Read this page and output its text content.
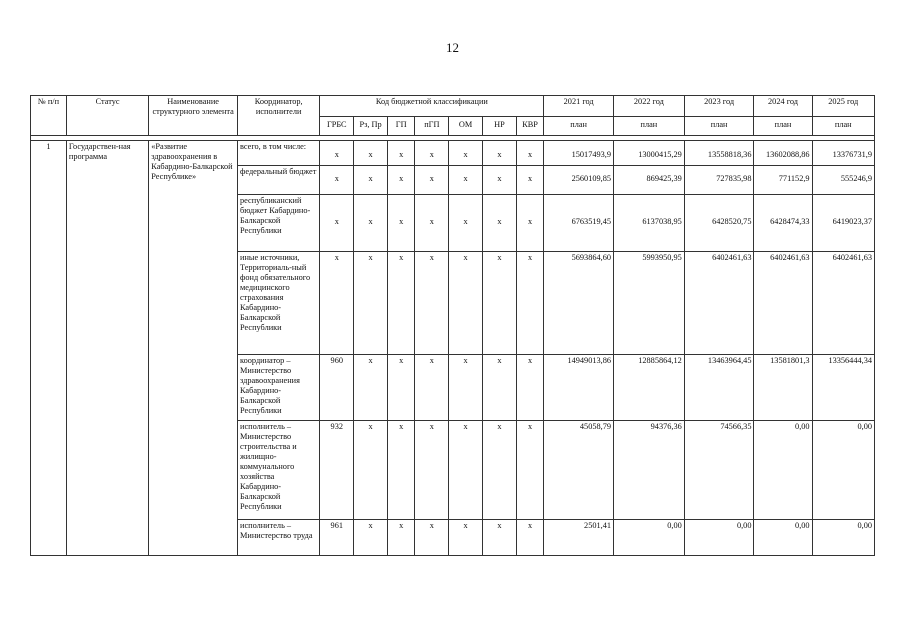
12
№ п/п	Статус	Наименование структурного элемента	Координатор, исполнители	Код бюджетной классификации							2021 год	2022 год	2023 год	2024 год	2025 год
				ГРБС	Рз, Пр	ГП	пГП	ОМ	НР	КВР	план	план	план	план	план

1	Государствен-ная программа	«Развитие здравоохранения в Кабардино-Балкарской Республике»	всего, в том числе:	х	х	х	х	х	х	х	15017493,9	13000415,29	13558818,36	13602088,86	13376731,9
			федеральный бюджет	х	х	х	х	х	х	х	2560109,85	869425,39	727835,98	771152,9	555246,9
			республиканский бюджет Кабардино-Балкарской Республики	х	х	х	х	х	х	х	6763519,45	6137038,95	6428520,75	6428474,33	6419023,37
			иные источники, Территориаль-ный фонд обязательного медицинского страхования Кабардино-Балкарской Республики	х	х	х	х	х	х	х	5693864,60	5993950,95	6402461,63	6402461,63	6402461,63
			координатор – Министерство здравоохранения Кабардино-Балкарской Республики	960	х	х	х	х	х	х	14949013,86	12885864,12	13463964,45	13581801,3	13356444,34
			исполнитель – Министерство строительства и жилищно-коммунального хозяйства Кабардино-Балкарской Республики	932	х	х	х	х	х	х	45058,79	94376,36	74566,35	0,00	0,00
			исполнитель – Министерство труда	961	х	х	х	х	х	х	2501,41	0,00	0,00	0,00	0,00
